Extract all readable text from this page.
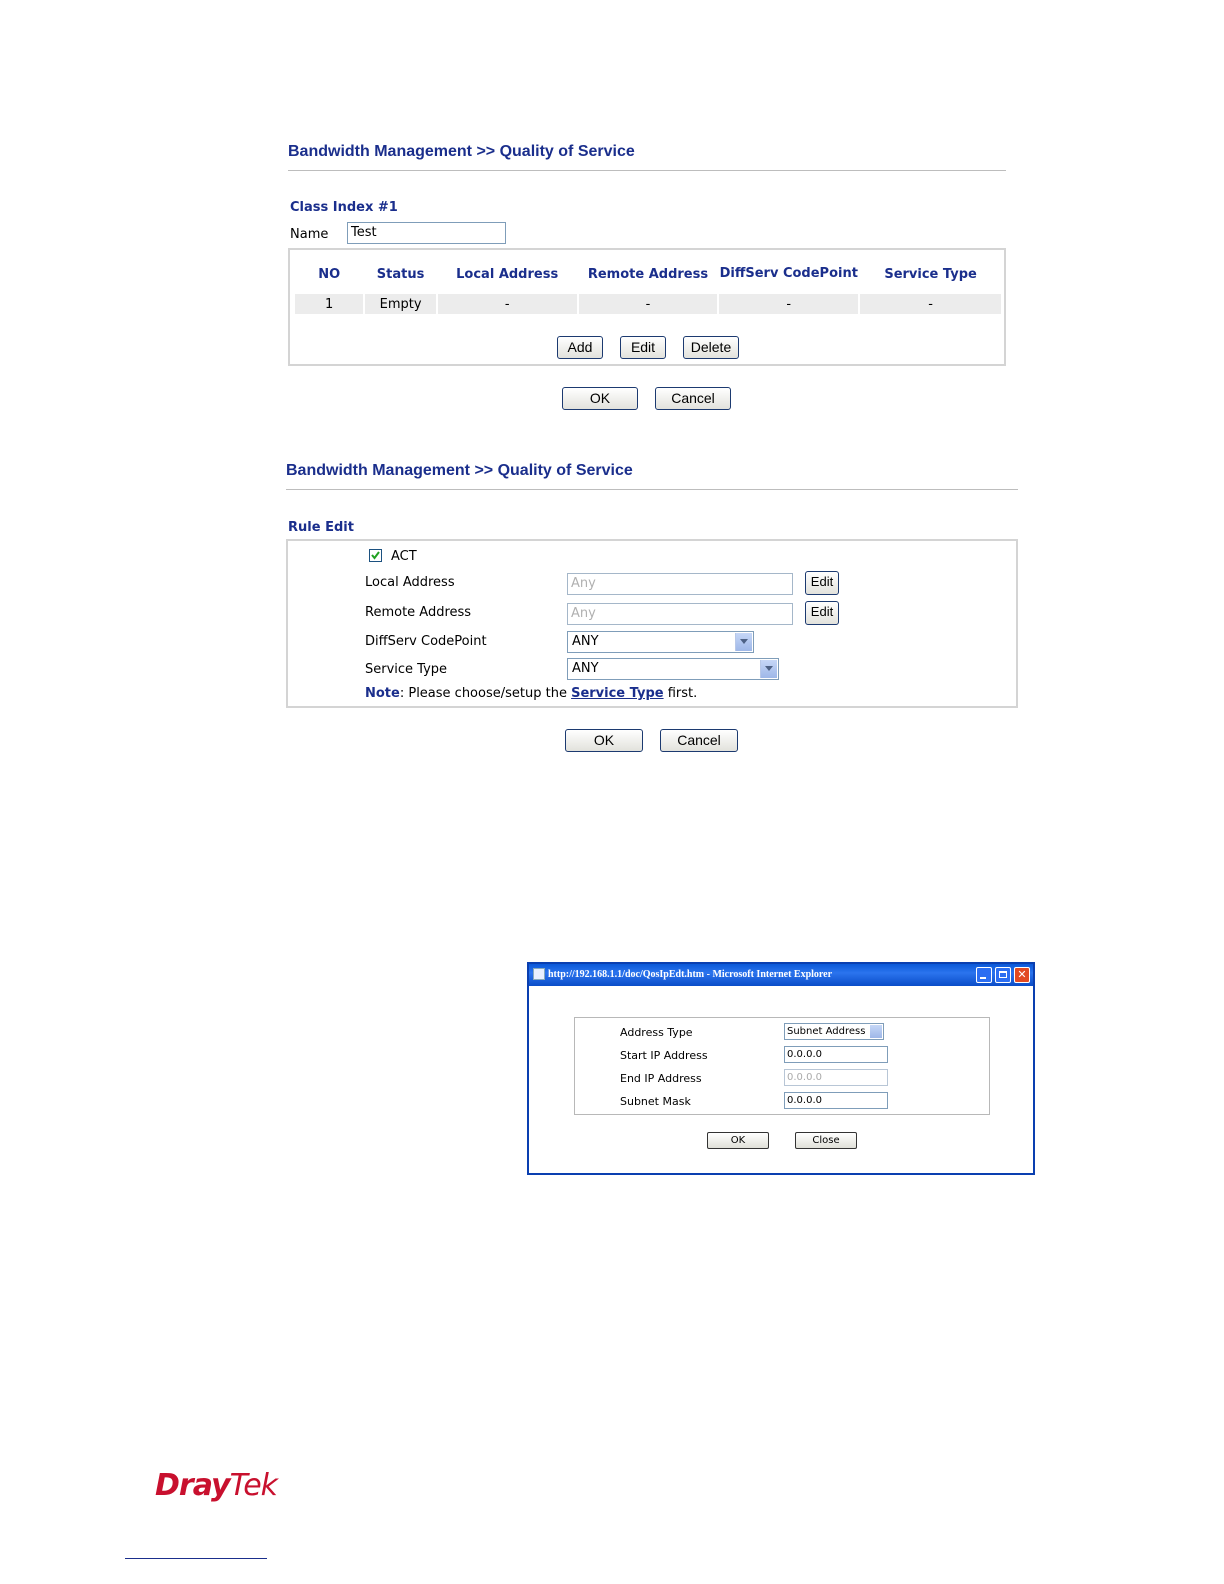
Bandwidth Management >> Quality of Service
Class Index #1
Name	Test
NO	Status	Local Address	Remote Address	DiffServ CodePoint	Service Type
1	Empty	-	-	-	-
Add	Edit	Delete
OK	Cancel
Bandwidth Management >> Quality of Service
Rule Edit
ACT
Local Address	Any	Edit
Remote Address	Any	Edit
DiffServ CodePoint	ANY
Service Type	ANY
Note: Please choose/setup the Service Type first.
OK	Cancel
http://192.168.1.1/doc/QosIpEdt.htm - Microsoft Internet Explorer	✕
Address Type	Subnet Address
Start IP Address	0.0.0.0
End IP Address	0.0.0.0
Subnet Mask	0.0.0.0
OK	Close
DrayTek
